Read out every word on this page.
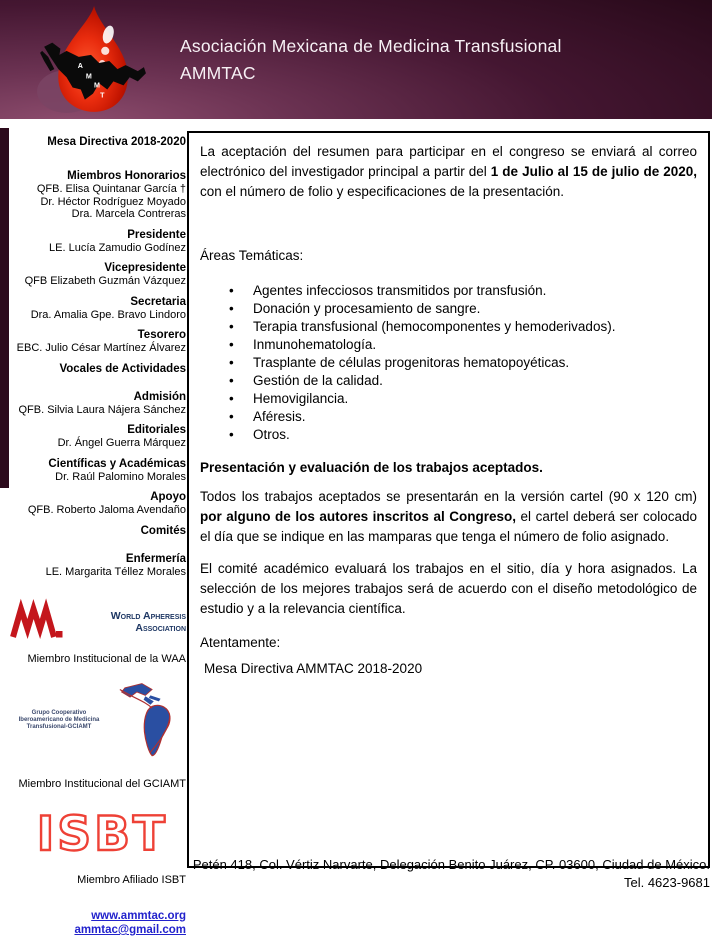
A
M
M
T
Asociación Mexicana de Medicina Transfusional
AMMTAC
Mesa Directiva 2018-2020
Miembros Honorarios
QFB. Elisa Quintanar García †
Dr. Héctor Rodríguez Moyado
Dra. Marcela Contreras
Presidente
LE. Lucía Zamudio Godínez
Vicepresidente
QFB Elizabeth Guzmán Vázquez
Secretaria
Dra. Amalia Gpe. Bravo Lindoro
Tesorero
EBC. Julio César Martínez Álvarez
Vocales de Actividades
Admisión
QFB. Silvia Laura Nájera Sánchez
Editoriales
Dr. Ángel Guerra Márquez
Científicas y Académicas
Dr. Raúl Palomino Morales
Apoyo
QFB. Roberto Jaloma Avendaño
Comités
Enfermería
LE. Margarita Téllez Morales
World Apheresis Association
Miembro Institucional de la WAA
Grupo Cooperativo Iberoamericano de Medicina Transfusional-GCIAMT
Miembro Institucional del GCIAMT
ISBT
Miembro Afiliado ISBT
www.ammtac.org
ammtac@gmail.com

La aceptación del resumen para participar en el congreso se enviará al correo electrónico del investigador principal a partir del 1 de Julio al 15 de julio de 2020, con el número de folio y especificaciones de la presentación.

Áreas Temáticas:

• Agentes infecciosos transmitidos por transfusión.
• Donación y procesamiento de sangre.
• Terapia transfusional (hemocomponentes y hemoderivados).
• Inmunohematología.
• Trasplante de células progenitoras hematopoyéticas.
• Gestión de la calidad.
• Hemovigilancia.
• Aféresis.
• Otros.

Presentación y evaluación de los trabajos aceptados.

Todos los trabajos aceptados se presentarán en la versión cartel (90 x 120 cm) por alguno de los autores inscritos al Congreso, el cartel deberá ser colocado el día que se indique en las mamparas que tenga el número de folio asignado.

El comité académico evaluará los trabajos en el sitio, día y hora asignados. La selección de los mejores trabajos será de acuerdo con el diseño metodológico de estudio y a la relevancia científica.

Atentamente:

Mesa Directiva AMMTAC 2018-2020

Petén 418, Col. Vértiz Narvarte, Delegación Benito Juárez, CP. 03600, Ciudad de México.
Tel. 4623-9681
